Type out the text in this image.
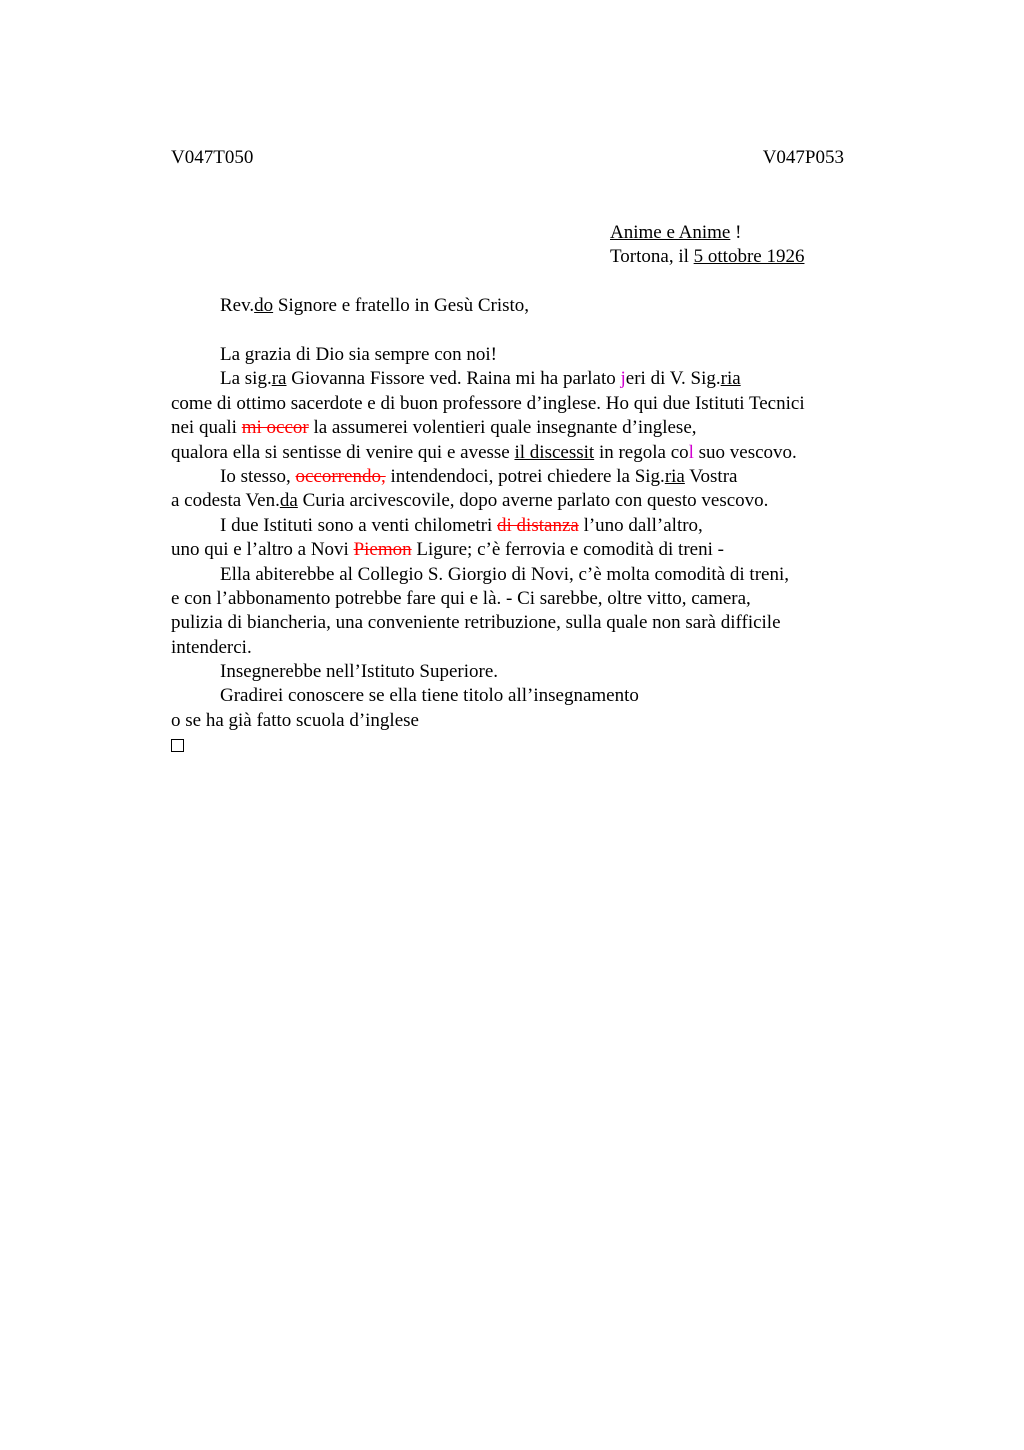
V047T050	V047P053
Anime e Anime !
Tortona, il 5 ottobre 1926
Rev.do Signore e fratello in Gesù Cristo,
La grazia di Dio sia sempre con noi!
La sig.ra Giovanna Fissore ved. Raina mi ha parlato jeri di V. Sig.ria
come di ottimo sacerdote e di buon professore d’inglese. Ho qui due Istituti Tecnici
nei quali mi occor la assumerei volentieri quale insegnante d’inglese,
qualora ella si sentisse di venire qui e avesse il discessit in regola col suo vescovo.
Io stesso, occorrendo, intendendoci, potrei chiedere la Sig.ria Vostra
a codesta Ven.da Curia arcivescovile, dopo averne parlato con questo vescovo.
I due Istituti sono a venti chilometri di distanza l’uno dall’altro,
uno qui e l’altro a Novi Piemon Ligure; c’è ferrovia e comodità di treni -
Ella abiterebbe al Collegio S. Giorgio di Novi, c’è molta comodità di treni,
e con l’abbonamento potrebbe fare qui e là. - Ci sarebbe, oltre vitto, camera,
pulizia di biancheria, una conveniente retribuzione, sulla quale non sarà difficile
intenderci.
Insegnerebbe nell’Istituto Superiore.
Gradirei conoscere se ella tiene titolo all’insegnamento
o se ha già fatto scuola d’inglese
